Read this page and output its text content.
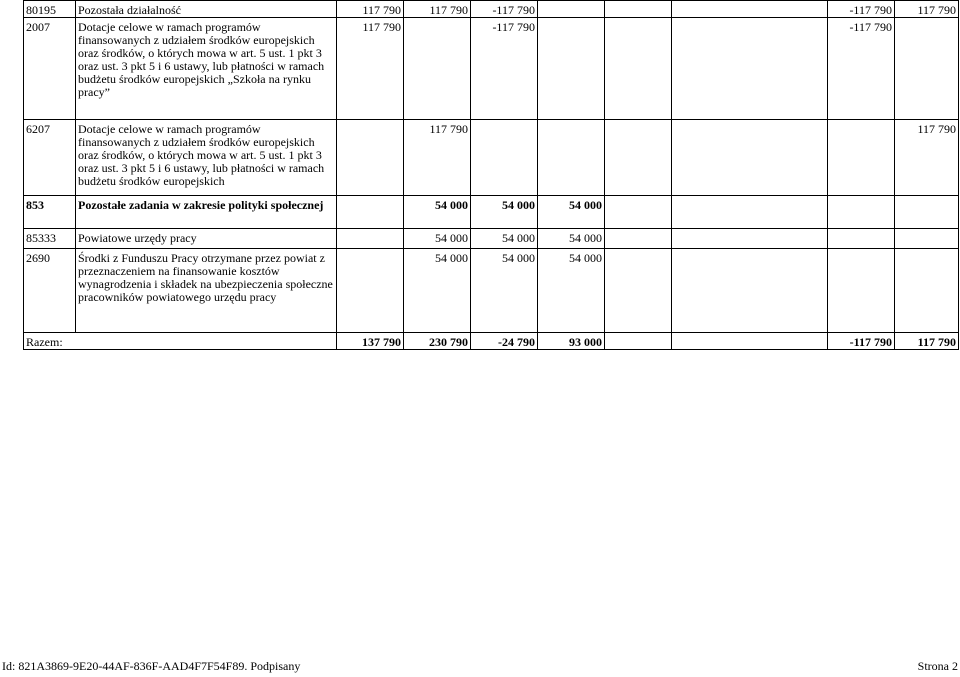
80195	Pozostała działalność	117 790	117 790	-117 790				-117 790	117 790
2007	Dotacje celowe w ramach programów finansowanych z udziałem środków europejskich oraz środków, o których mowa w art. 5 ust. 1 pkt 3 oraz ust. 3 pkt 5 i 6 ustawy, lub płatności w ramach budżetu środków europejskich „Szkoła na rynku pracy”	117 790		-117 790				-117 790	
6207	Dotacje celowe w ramach programów finansowanych z udziałem środków europejskich oraz środków, o których mowa w art. 5 ust. 1 pkt 3 oraz ust. 3 pkt 5 i 6 ustawy, lub płatności w ramach budżetu środków europejskich		117 790						117 790
853	Pozostałe zadania w zakresie polityki społecznej		54 000	54 000	54 000				
85333	Powiatowe urzędy pracy		54 000	54 000	54 000				
2690	Środki z Funduszu Pracy otrzymane przez powiat z przeznaczeniem na finansowanie kosztów wynagrodzenia i składek na ubezpieczenia społeczne pracowników powiatowego urzędu pracy		54 000	54 000	54 000				
Razem:		137 790	230 790	-24 790	93 000			-117 790	117 790
Id: 821A3869-9E20-44AF-836F-AAD4F7F54F89. Podpisany	Strona 2
